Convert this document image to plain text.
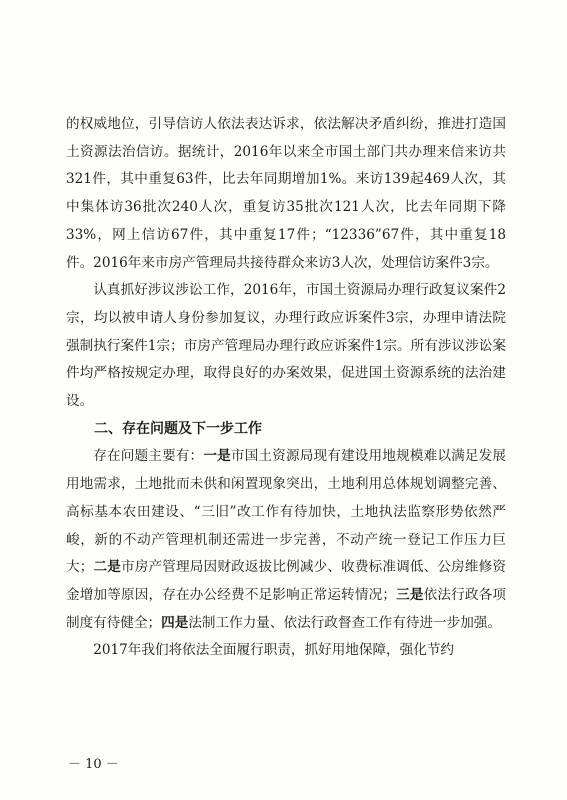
的权威地位，引导信访人依法表达诉求，依法解决矛盾纠纷，推进打造国土资源法治信访。据统计，2016年以来全市国土部门共办理来信来访共321件，其中重复63件，比去年同期增加1%。来访139起469人次，其中集体访36批次240人次，重复访35批次121人次，比去年同期下降33%，网上信访67件，其中重复17件；“12336”67件，其中重复18件。2016年来市房产管理局共接待群众来访3人次，处理信访案件3宗。

认真抓好涉议涉讼工作，2016年，市国土资源局办理行政复议案件2宗，均以被申请人身份参加复议，办理行政应诉案件3宗，办理申请法院强制执行案件1宗；市房产管理局办理行政应诉案件1宗。所有涉议涉讼案件均严格按规定办理，取得良好的办案效果，促进国土资源系统的法治建设。

二、存在问题及下一步工作

存在问题主要有：一是市国土资源局现有建设用地规模难以满足发展用地需求，土地批而未供和闲置现象突出，土地利用总体规划调整完善、高标基本农田建设、“三旧”改工作有待加快，土地执法监察形势依然严峻，新的不动产管理机制还需进一步完善，不动产统一登记工作压力巨大；二是市房产管理局因财政返拔比例减少、收费标准调低、公房维修资金增加等原因，存在办公经费不足影响正常运转情况；三是依法行政各项制度有待健全；四是法制工作力量、依法行政督查工作有待进一步加强。

2017年我们将依法全面履行职责，抓好用地保障，强化节约

－ 10 －
